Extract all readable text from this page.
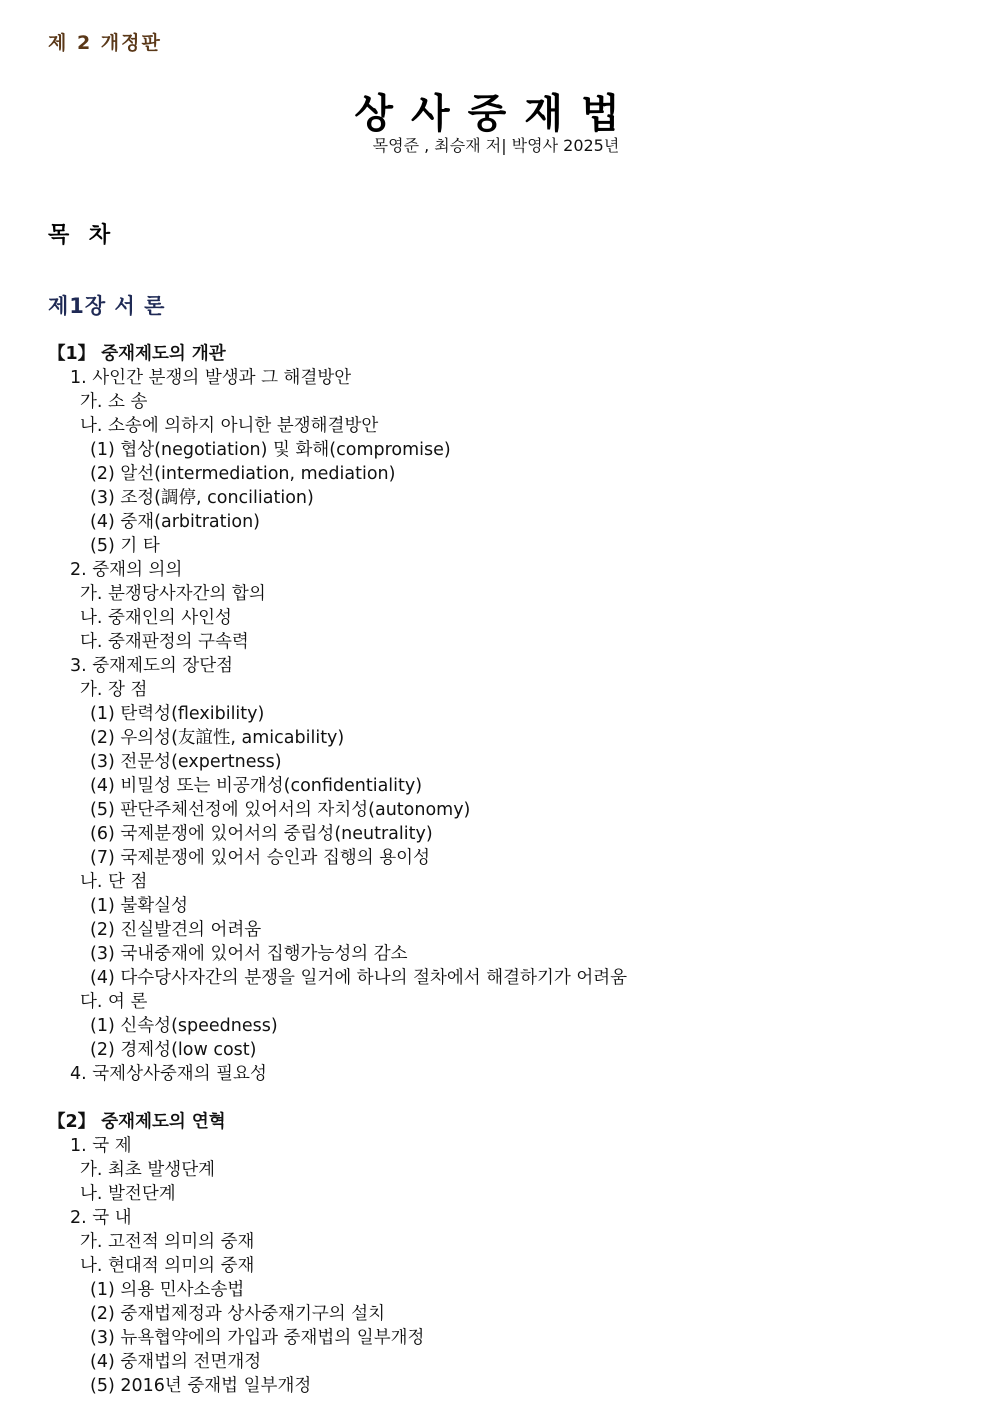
제 2 개정판
상사중재법
목영준 , 최승재 저| 박영사 2025년
목 차
제1장 서 론
【1】 중재제도의 개관
1. 사인간 분쟁의 발생과 그 해결방안
가. 소 송
나. 소송에 의하지 아니한 분쟁해결방안
(1) 협상(negotiation) 및 화해(compromise)
(2) 알선(intermediation, mediation)
(3) 조정(調停, conciliation)
(4) 중재(arbitration)
(5) 기 타
2. 중재의 의의
가. 분쟁당사자간의 합의
나. 중재인의 사인성
다. 중재판정의 구속력
3. 중재제도의 장단점
가. 장 점
(1) 탄력성(flexibility)
(2) 우의성(友誼性, amicability)
(3) 전문성(expertness)
(4) 비밀성 또는 비공개성(confidentiality)
(5) 판단주체선정에 있어서의 자치성(autonomy)
(6) 국제분쟁에 있어서의 중립성(neutrality)
(7) 국제분쟁에 있어서 승인과 집행의 용이성
나. 단 점
(1) 불확실성
(2) 진실발견의 어려움
(3) 국내중재에 있어서 집행가능성의 감소
(4) 다수당사자간의 분쟁을 일거에 하나의 절차에서 해결하기가 어려움
다. 여 론
(1) 신속성(speedness)
(2) 경제성(low cost)
4. 국제상사중재의 필요성
【2】 중재제도의 연혁
1. 국 제
가. 최초 발생단계
나. 발전단계
2. 국 내
가. 고전적 의미의 중재
나. 현대적 의미의 중재
(1) 의용 민사소송법
(2) 중재법제정과 상사중재기구의 설치
(3) 뉴욕협약에의 가입과 중재법의 일부개정
(4) 중재법의 전면개정
(5) 2016년 중재법 일부개정
